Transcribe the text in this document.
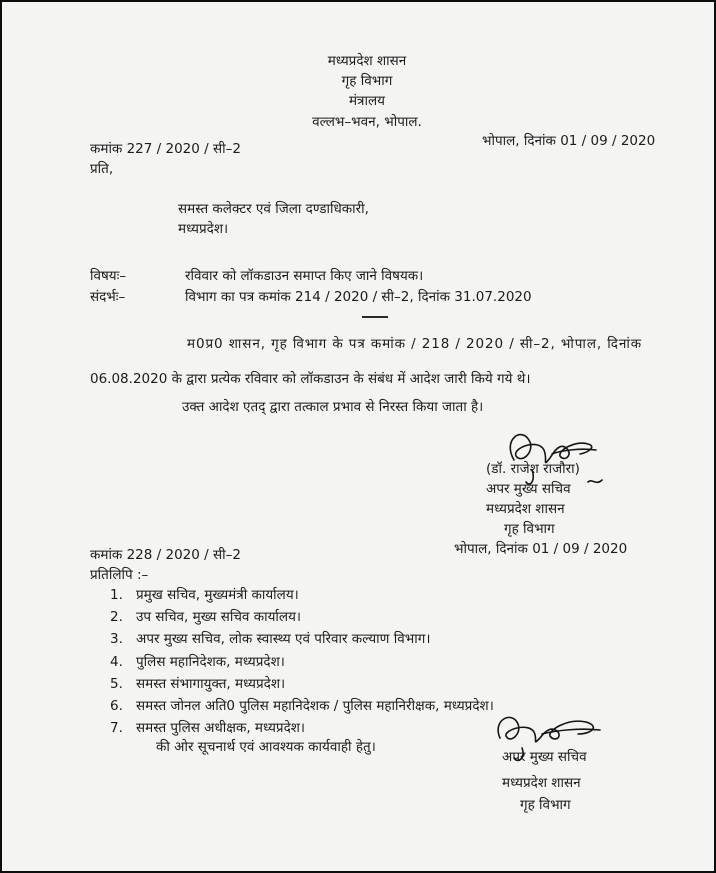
मध्यप्रदेश शासन
गृह विभाग
मंत्रालय
वल्लभ–भवन, भोपाल.
कमांक 227 / 2020 / सी–2	भोपाल, दिनांक 01 / 09 / 2020
प्रति,
समस्त कलेक्टर एवं जिला दण्डाधिकारी,
मध्यप्रदेश।
विषयः–	रविवार को लॉकडाउन समाप्त किए जाने विषयक।
संदर्भः–	विभाग का पत्र कमांक 214 / 2020 / सी–2, दिनांक 31.07.2020
म0प्र0 शासन, गृह विभाग के पत्र कमांक / 218 / 2020 / सी–2, भोपाल, दिनांक
06.08.2020 के द्वारा प्रत्येक रविवार को लॉकडाउन के संबंध में आदेश जारी किये गये थे।
उक्त आदेश एतद् द्वारा तत्काल प्रभाव से निरस्त किया जाता है।
(डॉ. राजेश राजौरा)
अपर मुख्य सचिव
मध्यप्रदेश शासन
गृह विभाग
कमांक 228 / 2020 / सी–2	भोपाल, दिनांक 01 / 09 / 2020
प्रतिलिपि :–
1. प्रमुख सचिव, मुख्यमंत्री कार्यालय।
2. उप सचिव, मुख्य सचिव कार्यालय।
3. अपर मुख्य सचिव, लोक स्वास्थ्य एवं परिवार कल्याण विभाग।
4. पुलिस महानिदेशक, मध्यप्रदेश।
5. समस्त संभागायुक्त, मध्यप्रदेश।
6. समस्त जोनल अति0 पुलिस महानिदेशक / पुलिस महानिरीक्षक, मध्यप्रदेश।
7. समस्त पुलिस अधीक्षक, मध्यप्रदेश।
की ओर सूचनार्थ एवं आवश्यक कार्यवाही हेतु।
अपर मुख्य सचिव
मध्यप्रदेश शासन
गृह विभाग
